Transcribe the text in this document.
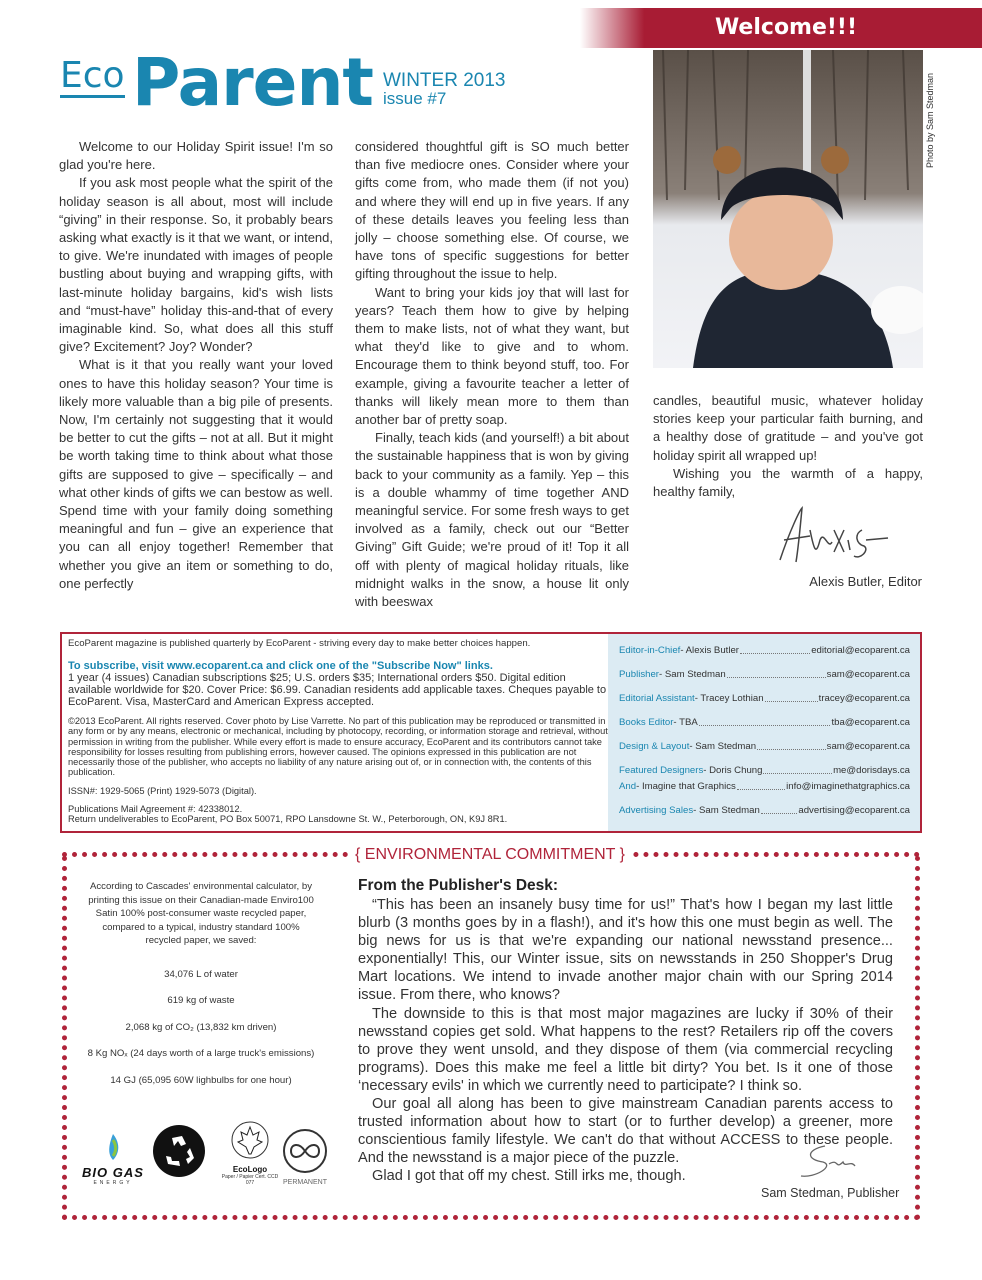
Welcome!!!
Eco Parent WINTER 2013
issue #7	Photo by Sam Stedman

Welcome to our Holiday Spirit issue! I'm so glad you're here.

If you ask most people what the spirit of the holiday season is all about, most will include “giving” in their response. So, it probably bears asking what exactly is it that we want, or intend, to give. We're inundated with images of people bustling about buying and wrapping gifts, with last-minute holiday bargains, kid's wish lists and “must-have” holiday this-and-that of every imaginable kind. So, what does all this stuff give? Excitement? Joy? Wonder?

What is it that you really want your loved ones to have this holiday season? Your time is likely more valuable than a big pile of presents. Now, I'm certainly not suggesting that it would be better to cut the gifts – not at all. But it might be worth taking time to think about what those gifts are supposed to give – specifically – and what other kinds of gifts we can bestow as well. Spend time with your family doing something meaningful and fun – give an experience that you can all enjoy together! Remember that whether you give an item or something to do, one perfectly

considered thoughtful gift is SO much better than five mediocre ones. Consider where your gifts come from, who made them (if not you) and where they will end up in five years. If any of these details leaves you feeling less than jolly – choose something else. Of course, we have tons of specific suggestions for better gifting throughout the issue to help.

Want to bring your kids joy that will last for years? Teach them how to give by helping them to make lists, not of what they want, but what they'd like to give and to whom. Encourage them to think beyond stuff, too. For example, giving a favourite teacher a letter of thanks will likely mean more to them than another bar of pretty soap.

Finally, teach kids (and yourself!) a bit about the sustainable happiness that is won by giving back to your community as a family. Yep – this is a double whammy of time together AND meaningful service. For some fresh ways to get involved as a family, check out our “Better Giving” Gift Guide; we're proud of it! Top it all off with plenty of magical holiday rituals, like midnight walks in the snow, a house lit only with beeswax

candles, beautiful music, whatever holiday stories keep your particular faith burning, and a healthy dose of gratitude – and you've got holiday spirit all wrapped up!

Wishing you the warmth of a happy, healthy family,

Alexis Butler, Editor
EcoParent magazine is published quarterly by EcoParent - striving every day to make better choices happen.
To subscribe, visit www.ecoparent.ca and click one of the "Subscribe Now" links.
1 year (4 issues) Canadian subscriptions $25; U.S. orders $35; International orders $50. Digital edition available worldwide for $20. Cover Price: $6.99. Canadian residents add applicable taxes. Cheques payable to EcoParent. Visa, MasterCard and American Express accepted.
©2013 EcoParent. All rights reserved. Cover photo by Lise Varrette. No part of this publication may be reproduced or transmitted in any form or by any means, electronic or mechanical, including by photocopy, recording, or information storage and retrieval, without permission in writing from the publisher. While every effort is made to ensure accuracy, EcoParent and its contributors cannot take responsibility for losses resulting from publishing errors, however caused. The opinions expressed in this publication are not necessarily those of the publisher, who accepts no liability of any nature arising out of, or in connection with, the contents of this publication.
ISSN#: 1929-5065 (Print) 1929-5073 (Digital).
Publications Mail Agreement #: 42338012.
Return undeliverables to EcoParent, PO Box 50071, RPO Lansdowne St. W., Peterborough, ON, K9J 8R1.
Editor-in-Chief - Alexis Butler	editorial@ecoparent.ca
Publisher - Sam Stedman	sam@ecoparent.ca
Editorial Assistant - Tracey Lothian	tracey@ecoparent.ca
Books Editor - TBA	tba@ecoparent.ca
Design & Layout - Sam Stedman	sam@ecoparent.ca
Featured Designers - Doris Chung	me@dorisdays.ca
And - Imagine that Graphics	info@imaginethatgraphics.ca
Advertising Sales - Sam Stedman	advertising@ecoparent.ca
{ ENVIRONMENTAL COMMITMENT }
According to Cascades' environmental calculator, by printing this issue on their Canadian-made Enviro100 Satin 100% post-consumer waste recycled paper, compared to a typical, industry standard 100% recycled paper, we saved:
34,076 L of water
619 kg of waste
2,068 kg of CO₂ (13,832 km driven)
8 Kg NOₓ (24 days worth of a large truck's emissions)
14 GJ (65,095 60W lighbulbs for one hour)
BIO GAS
ENERGY
EcoLogo
Paper / Papier Cert. CCD 077	PERMANENT
From the Publisher's Desk:

“This has been an insanely busy time for us!” That's how I began my last little blurb (3 months goes by in a flash!), and it's how this one must begin as well. The big news for us is that we're expanding our national newsstand presence... exponentially! This, our Winter issue, sits on newsstands in 250 Shopper's Drug Mart locations. We intend to invade another major chain with our Spring 2014 issue. From there, who knows?

The downside to this is that most major magazines are lucky if 30% of their newsstand copies get sold. What happens to the rest? Retailers rip off the covers to prove they went unsold, and they dispose of them (via commercial recycling programs). Does this make me feel a little bit dirty? You bet. Is it one of those ‘necessary evils' in which we currently need to participate? I think so.

Our goal all along has been to give mainstream Canadian parents access to trusted information about how to start (or to further develop) a greener, more conscientious family lifestyle. We can't do that without ACCESS to these people. And the newsstand is a major piece of the puzzle.

Glad I got that off my chest. Still irks me, though.

Sam Stedman, Publisher
